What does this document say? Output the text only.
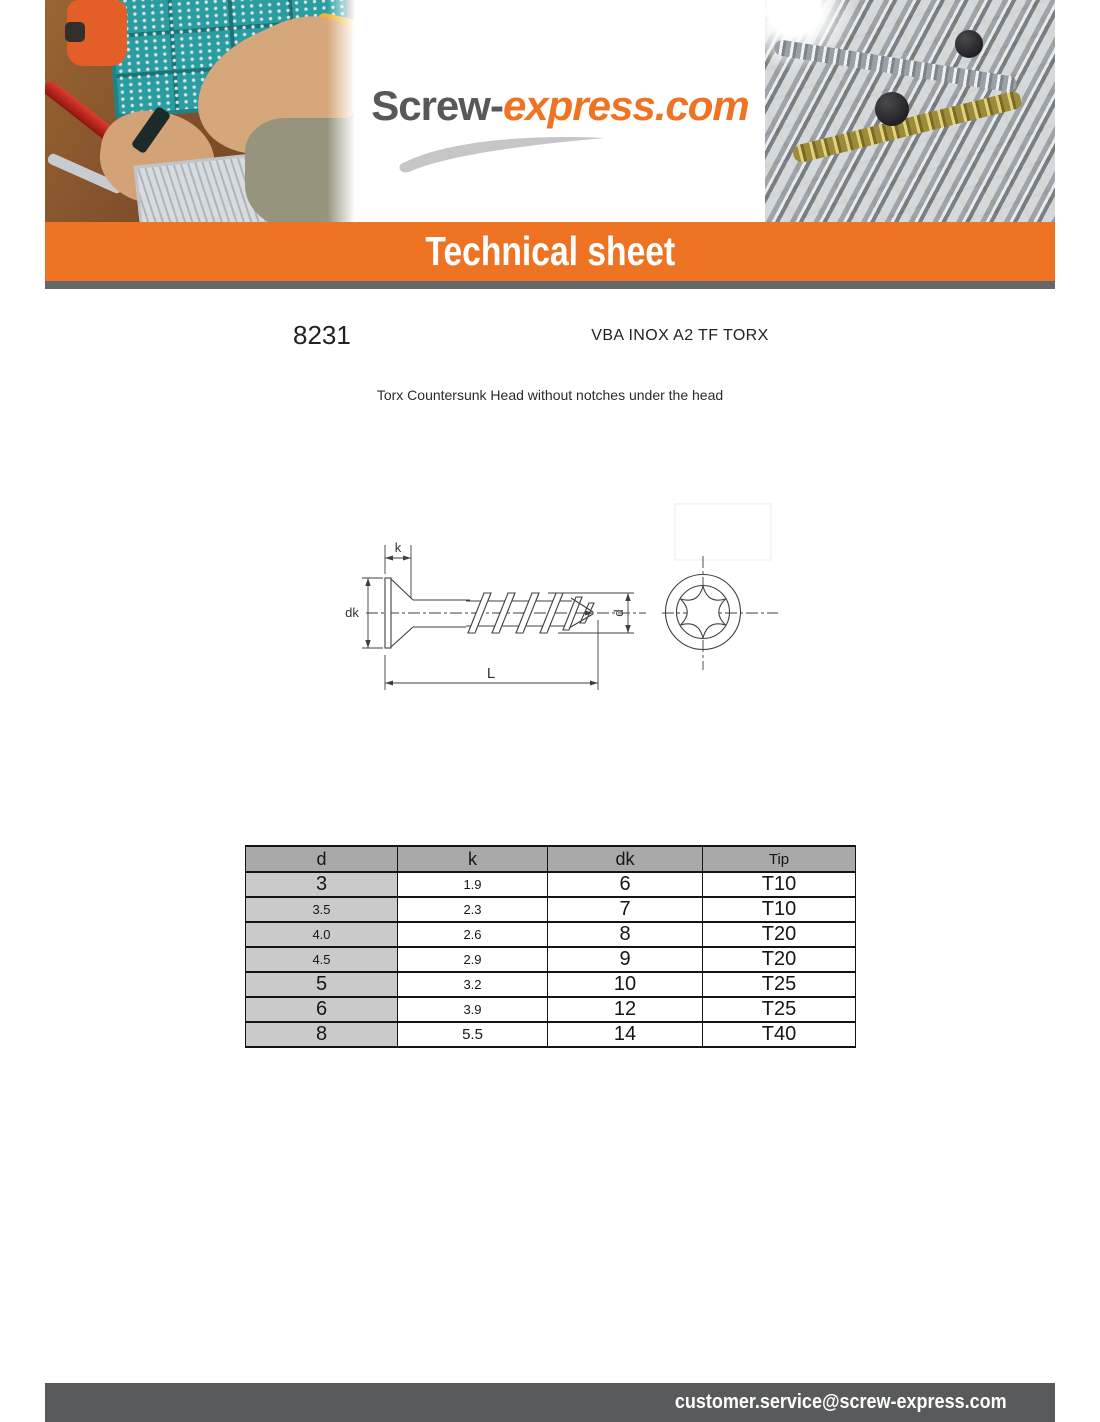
Screw-express.com
Technical sheet
8231	VBA INOX A2 TF TORX
Torx Countersunk Head without notches under the head
k
dk	d
L
d	k	dk	Tip
3	1.9	6	T10
3.5	2.3	7	T10
4.0	2.6	8	T20
4.5	2.9	9	T20
5	3.2	10	T25
6	3.9	12	T25
8	5.5	14	T40
customer.service@screw-express.com
